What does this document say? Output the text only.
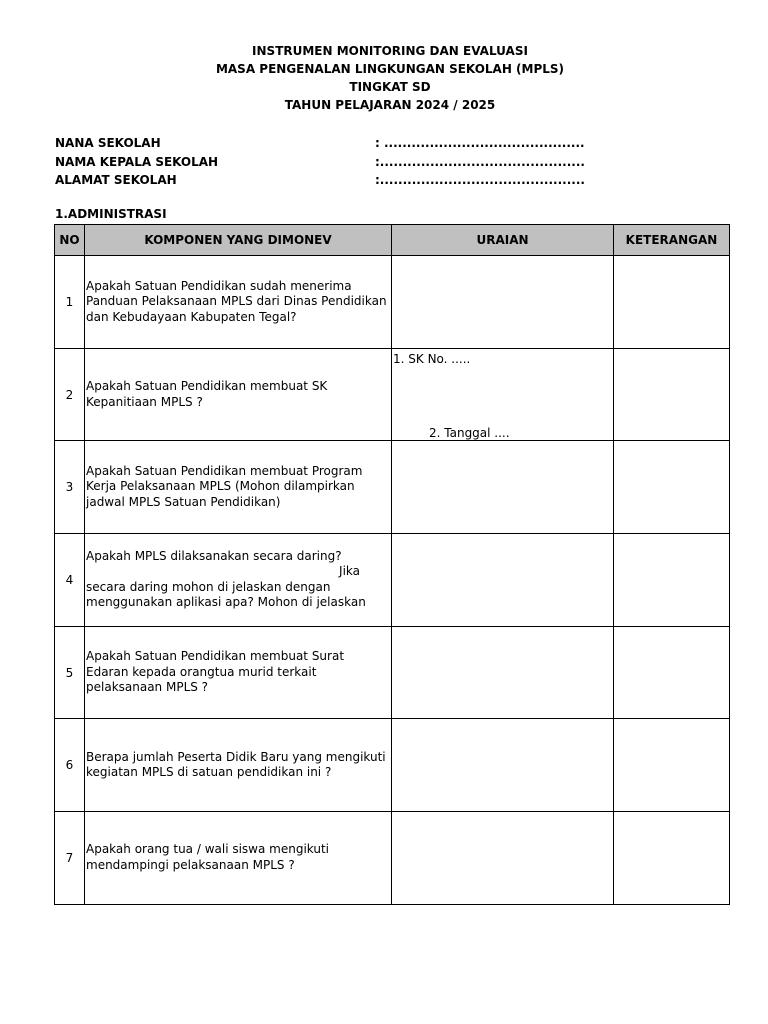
INSTRUMEN MONITORING DAN EVALUASI
MASA PENGENALAN LINGKUNGAN SEKOLAH (MPLS)
TINGKAT SD
TAHUN PELAJARAN 2024 / 2025
NANA SEKOLAH	: ............................................
NAMA KEPALA SEKOLAH	:.............................................
ALAMAT SEKOLAH	:.............................................
1.ADMINISTRASI
NO	KOMPONEN YANG DIMONEV	URAIAN	KETERANGAN
1	Apakah Satuan Pendidikan sudah menerima Panduan Pelaksanaan MPLS dari Dinas Pendidikan dan Kebudayaan Kabupaten Tegal?		
2	Apakah Satuan Pendidikan membuat SK Kepanitiaan MPLS ?	1. SK No. .....
2. Tanggal ....	

3	Apakah Satuan Pendidikan membuat Program Kerja Pelaksanaan MPLS (Mohon dilampirkan jadwal MPLS Satuan Pendidikan)		
4	Apakah MPLS dilaksanakan secara daring?
Jika
secara daring mohon di jelaskan dengan menggunakan aplikasi apa? Mohon di jelaskan		
5	Apakah Satuan Pendidikan membuat Surat Edaran kepada orangtua murid terkait pelaksanaan MPLS ?		
6	Berapa jumlah Peserta Didik Baru yang mengikuti kegiatan MPLS di satuan pendidikan ini ?		
7	Apakah orang tua / wali siswa mengikuti mendampingi pelaksanaan MPLS ?		
